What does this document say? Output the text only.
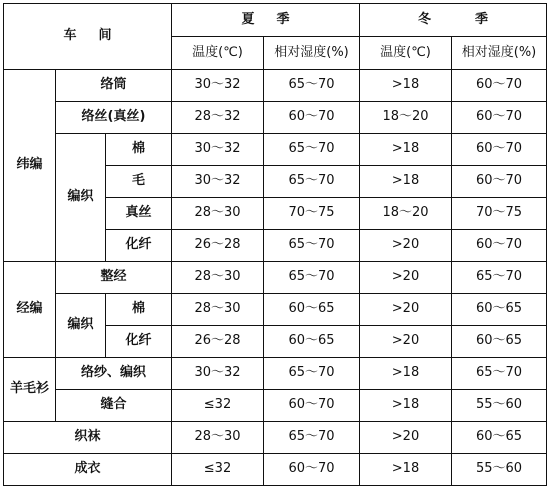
车 间			夏 季		冬 季	
			温度(℃)	相对湿度(%)	温度(℃)	相对湿度(%)
纬编	络筒		30～32	65～70	>18	60～70
	络丝(真丝)		28～32	60～70	18～20	60～70
	编织	棉	30～32	65～70	>18	60～70
		毛	30～32	65～70	>18	60～70
		真丝	28～30	70～75	18～20	70～75
		化纤	26～28	65～70	>20	60～70
经编	整经		28～30	65～70	>20	65～70
	编织	棉	28～30	60～65	>20	60～65
		化纤	26～28	60～65	>20	60～65
羊毛衫	络纱、编织		30～32	65～70	>18	65～70
	缝合		≤32	60～70	>18	55～60
织袜			28～30	65～70	>20	60～65
成衣			≤32	60～70	>18	55～60
